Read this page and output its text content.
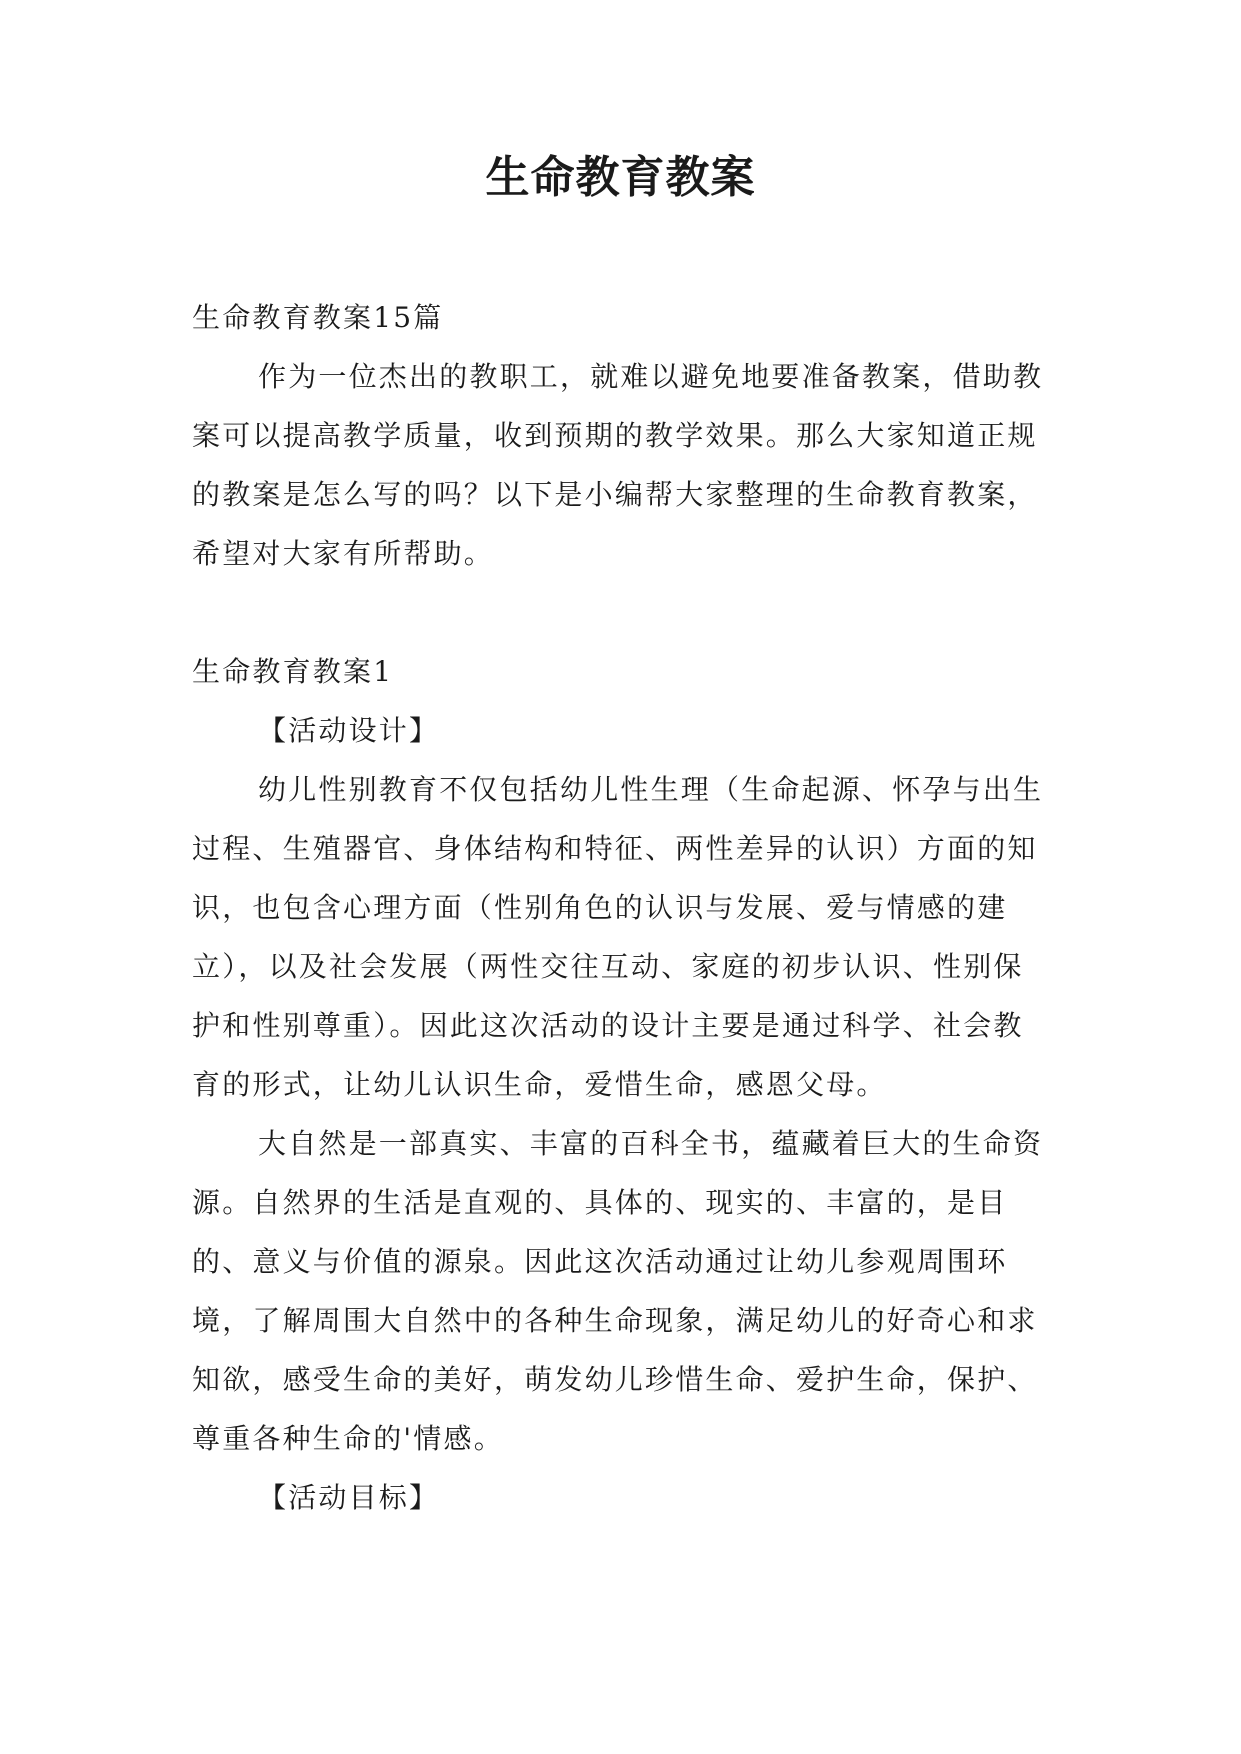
生命教育教案

生命教育教案15篇

作为一位杰出的教职工，就难以避免地要准备教案，借助教案可以提高教学质量，收到预期的教学效果。那么大家知道正规的教案是怎么写的吗？以下是小编帮大家整理的生命教育教案，希望对大家有所帮助。

生命教育教案1

【活动设计】

幼儿性别教育不仅包括幼儿性生理（生命起源、怀孕与出生过程、生殖器官、身体结构和特征、两性差异的认识）方面的知识，也包含心理方面（性别角色的认识与发展、爱与情感的建立），以及社会发展（两性交往互动、家庭的初步认识、性别保护和性别尊重）。因此这次活动的设计主要是通过科学、社会教育的形式，让幼儿认识生命，爱惜生命，感恩父母。

大自然是一部真实、丰富的百科全书，蕴藏着巨大的生命资源。自然界的生活是直观的、具体的、现实的、丰富的，是目的、意义与价值的源泉。因此这次活动通过让幼儿参观周围环境，了解周围大自然中的各种生命现象，满足幼儿的好奇心和求知欲，感受生命的美好，萌发幼儿珍惜生命、爱护生命，保护、尊重各种生命的'情感。

【活动目标】
